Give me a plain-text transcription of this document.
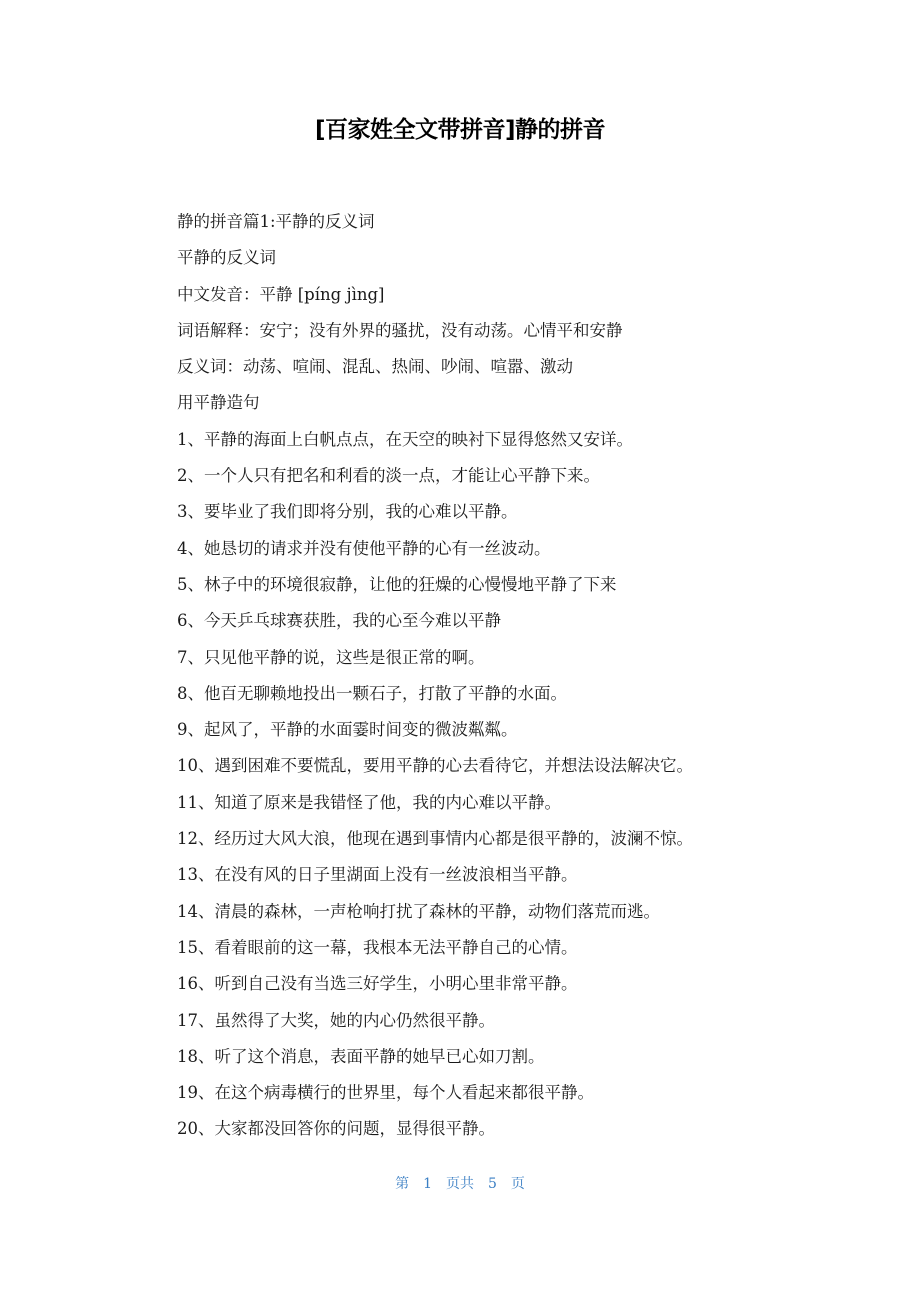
[百家姓全文带拼音]静的拼音

静的拼音篇1:平静的反义词

平静的反义词

中文发音：平静 [píng jìng]

词语解释：安宁；没有外界的骚扰，没有动荡。心情平和安静

反义词：动荡、喧闹、混乱、热闹、吵闹、喧嚣、激动

用平静造句

1、平静的海面上白帆点点，在天空的映衬下显得悠然又安详。

2、一个人只有把名和利看的淡一点，才能让心平静下来。

3、要毕业了我们即将分别，我的心难以平静。

4、她恳切的请求并没有使他平静的心有一丝波动。

5、林子中的环境很寂静，让他的狂燥的心慢慢地平静了下来

6、今天乒乓球赛获胜，我的心至今难以平静

7、只见他平静的说，这些是很正常的啊。

8、他百无聊赖地投出一颗石子，打散了平静的水面。

9、起风了，平静的水面霎时间变的微波粼粼。

10、遇到困难不要慌乱，要用平静的心去看待它，并想法设法解决它。

11、知道了原来是我错怪了他，我的内心难以平静。

12、经历过大风大浪，他现在遇到事情内心都是很平静的，波澜不惊。

13、在没有风的日子里湖面上没有一丝波浪相当平静。

14、清晨的森林，一声枪响打扰了森林的平静，动物们落荒而逃。

15、看着眼前的这一幕，我根本无法平静自己的心情。

16、听到自己没有当选三好学生，小明心里非常平静。

17、虽然得了大奖，她的内心仍然很平静。

18、听了这个消息，表面平静的她早已心如刀割。

19、在这个病毒横行的世界里，每个人看起来都很平静。

20、大家都没回答你的问题，显得很平静。

第 1 页共 5 页
